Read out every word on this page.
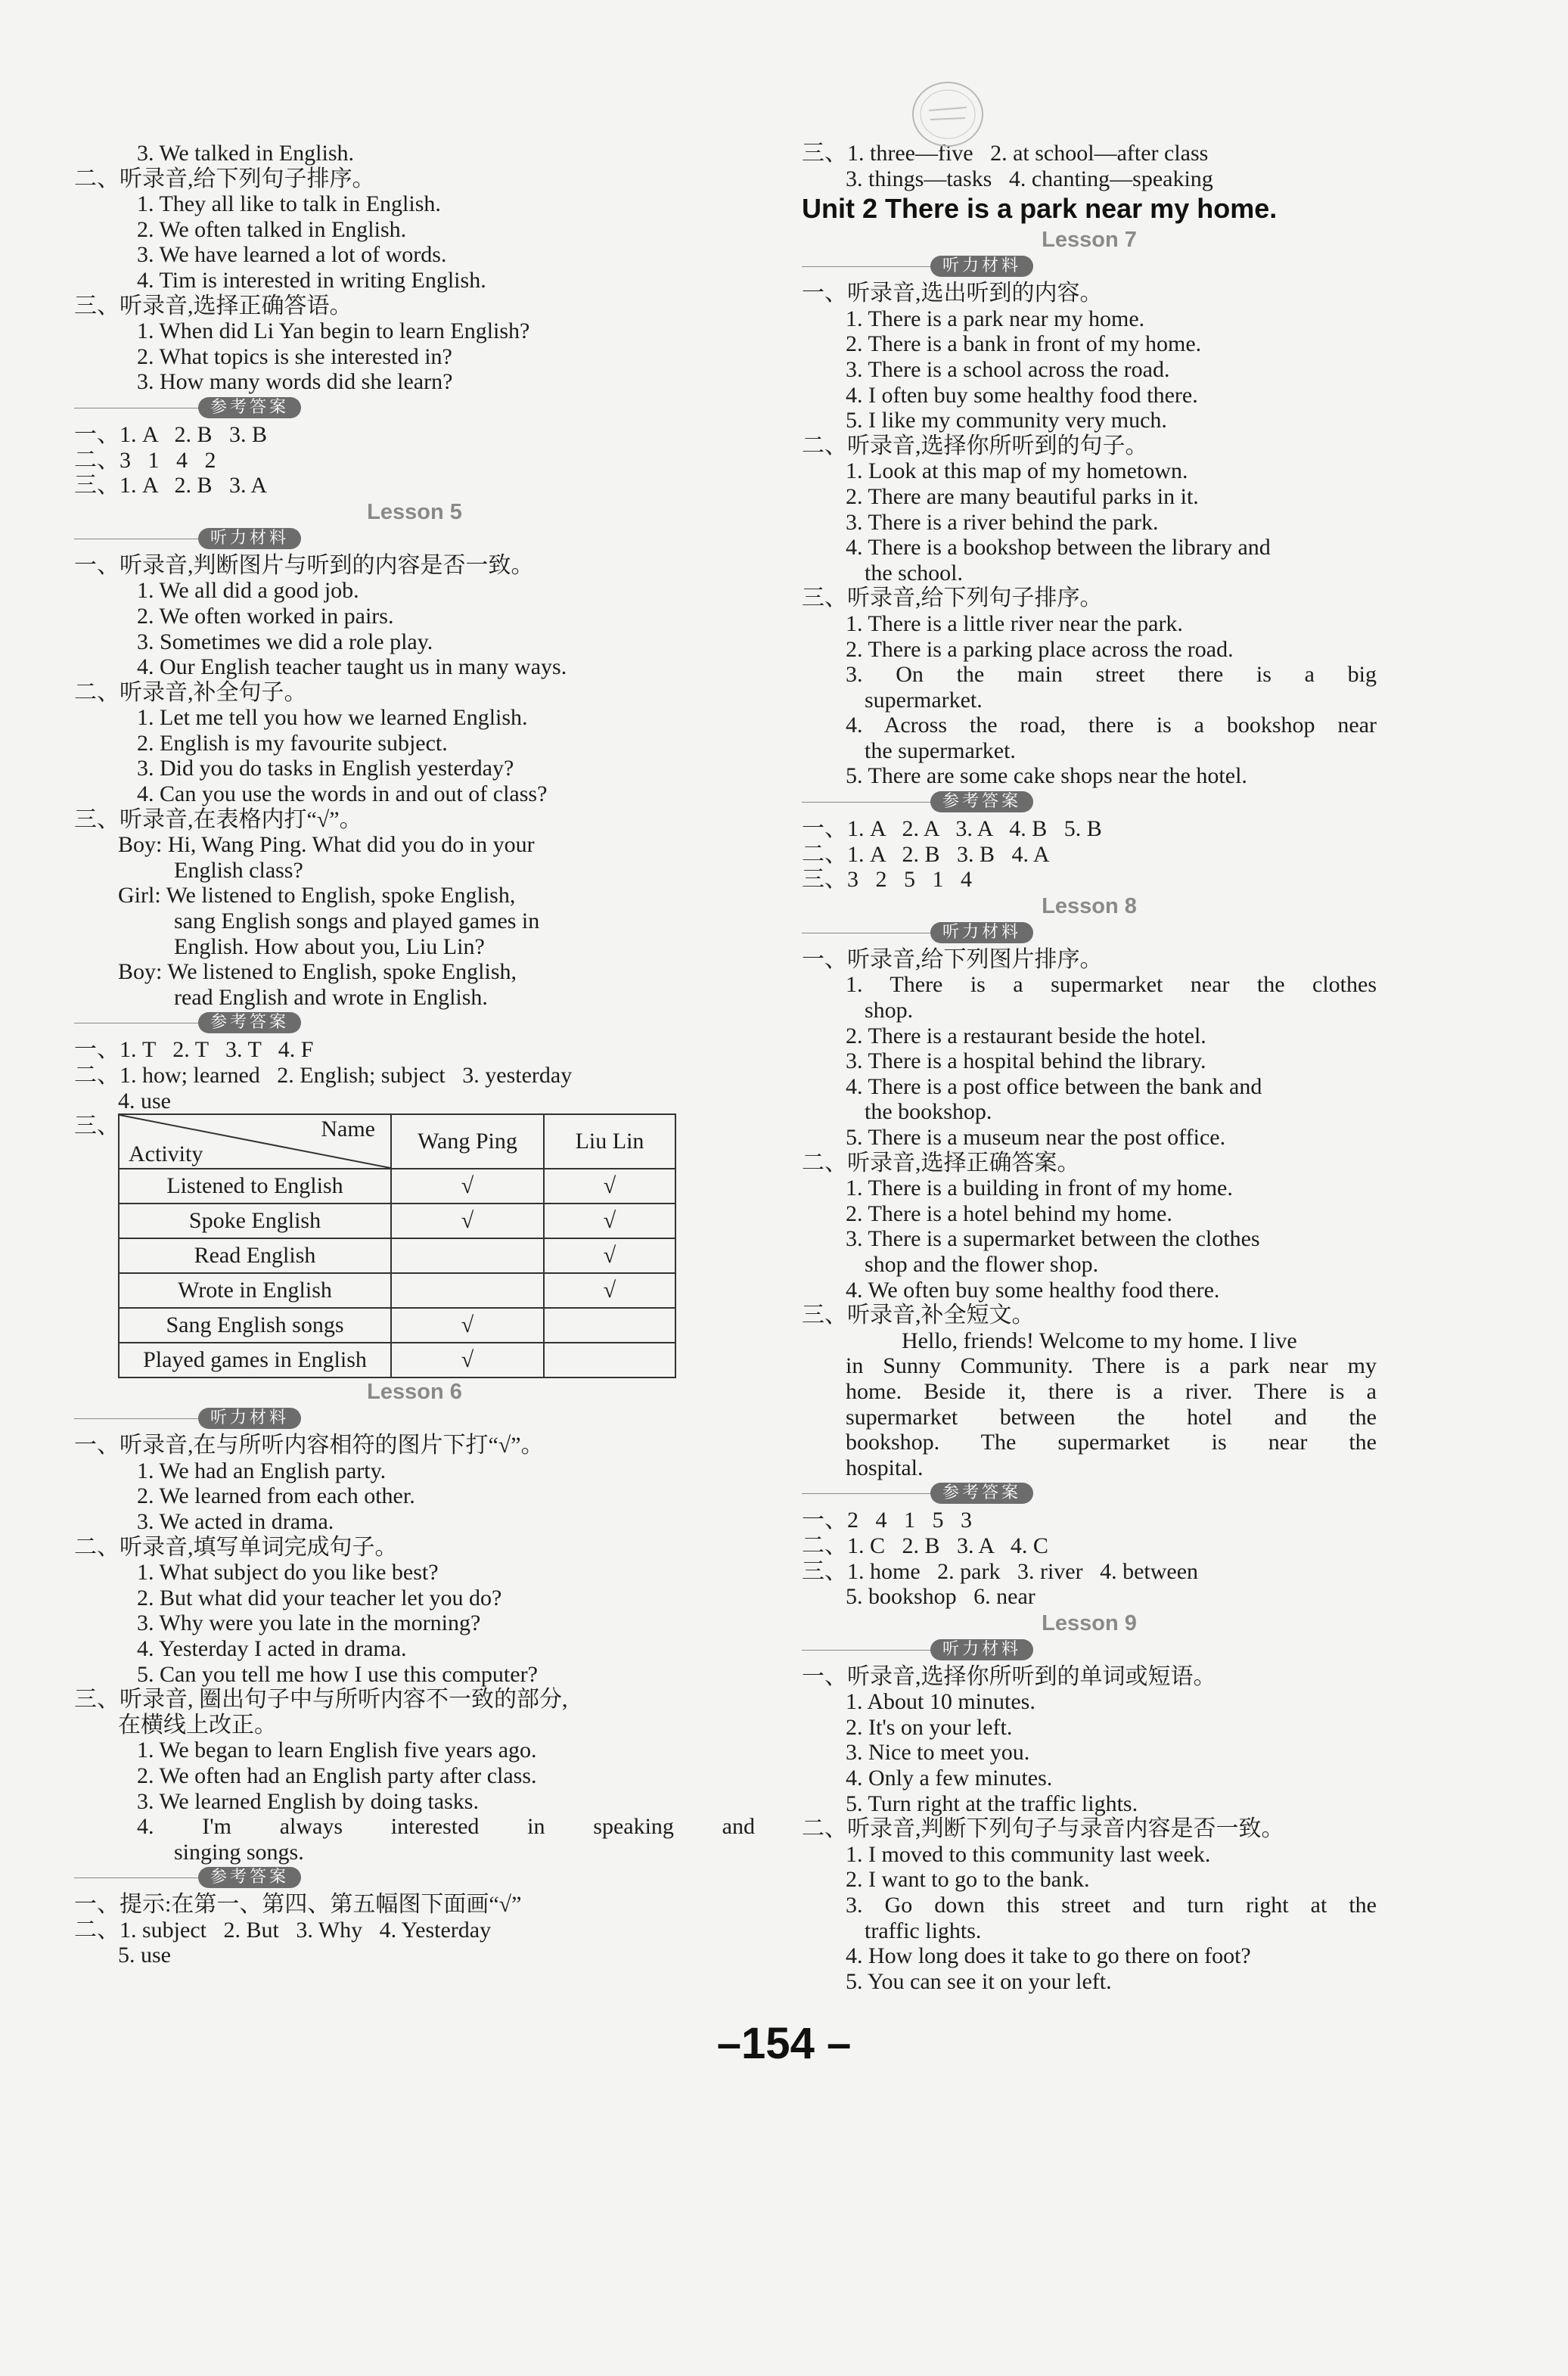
3. We talked in English.
二、听录音,给下列句子排序。
1. They all like to talk in English.
2. We often talked in English.
3. We have learned a lot of words.
4. Tim is interested in writing English.
三、听录音,选择正确答语。
1. When did Li Yan begin to learn English?
2. What topics is she interested in?
3. How many words did she learn?
参考答案
一、1. A   2. B   3. B
二、3   1   4   2
三、1. A   2. B   3. A
Lesson 5
听力材料
一、听录音,判断图片与听到的内容是否一致。
1. We all did a good job.
2. We often worked in pairs.
3. Sometimes we did a role play.
4. Our English teacher taught us in many ways.
二、听录音,补全句子。
1. Let me tell you how we learned English.
2. English is my favourite subject.
3. Did you do tasks in English yesterday?
4. Can you use the words in and out of class?
三、听录音,在表格内打“√”。
Boy: Hi, Wang Ping. What did you do in your
English class?
Girl: We listened to English, spoke English,
sang English songs and played games in
English. How about you, Liu Lin?
Boy: We listened to English, spoke English,
read English and wrote in English.
参考答案
一、1. T   2. T   3. T   4. F
二、1. how; learned   2. English; subject   3. yesterday
4. use
三、	Name
Activity	Wang Ping	Liu Lin
Listened to English	√	√
Spoke English	√	√
Read English		√
Wrote in English		√
Sang English songs	√	
Played games in English	√	
Lesson 6
听力材料
一、听录音,在与所听内容相符的图片下打“√”。
1. We had an English party.
2. We learned from each other.
3. We acted in drama.
二、听录音,填写单词完成句子。
1. What subject do you like best?
2. But what did your teacher let you do?
3. Why were you late in the morning?
4. Yesterday I acted in drama.
5. Can you tell me how I use this computer?
三、听录音, 圈出句子中与所听内容不一致的部分,
在横线上改正。
1. We began to learn English five years ago.
2. We often had an English party after class.
3. We learned English by doing tasks.
4. I'm always interested in speaking and
singing songs.
参考答案
一、提示:在第一、第四、第五幅图下面画“√”
二、1. subject   2. But   3. Why   4. Yesterday
5. use
三、1. three—five   2. at school—after class
3. things—tasks   4. chanting—speaking
Unit 2 There is a park near my home.
Lesson 7
听力材料
一、听录音,选出听到的内容。
1. There is a park near my home.
2. There is a bank in front of my home.
3. There is a school across the road.
4. I often buy some healthy food there.
5. I like my community very much.
二、听录音,选择你所听到的句子。
1. Look at this map of my hometown.
2. There are many beautiful parks in it.
3. There is a river behind the park.
4. There is a bookshop between the library and
the school.
三、听录音,给下列句子排序。
1. There is a little river near the park.
2. There is a parking place across the road.
3. On the main street there is a big
supermarket.
4. Across the road, there is a bookshop near
the supermarket.
5. There are some cake shops near the hotel.
参考答案
一、1. A   2. A   3. A   4. B   5. B
二、1. A   2. B   3. B   4. A
三、3   2   5   1   4
Lesson 8
听力材料
一、听录音,给下列图片排序。
1. There is a supermarket near the clothes
shop.
2. There is a restaurant beside the hotel.
3. There is a hospital behind the library.
4. There is a post office between the bank and
the bookshop.
5. There is a museum near the post office.
二、听录音,选择正确答案。
1. There is a building in front of my home.
2. There is a hotel behind my home.
3. There is a supermarket between the clothes
shop and the flower shop.
4. We often buy some healthy food there.
三、听录音,补全短文。
Hello, friends! Welcome to my home. I live
in Sunny Community. There is a park near my
home. Beside it, there is a river. There is a
supermarket between the hotel and the
bookshop. The supermarket is near the
hospital.
参考答案
一、2   4   1   5   3
二、1. C   2. B   3. A   4. C
三、1. home   2. park   3. river   4. between
5. bookshop   6. near
Lesson 9
听力材料
一、听录音,选择你所听到的单词或短语。
1. About 10 minutes.
2. It's on your left.
3. Nice to meet you.
4. Only a few minutes.
5. Turn right at the traffic lights.
二、听录音,判断下列句子与录音内容是否一致。
1. I moved to this community last week.
2. I want to go to the bank.
3. Go down this street and turn right at the
traffic lights.
4. How long does it take to go there on foot?
5. You can see it on your left.
–154 –
